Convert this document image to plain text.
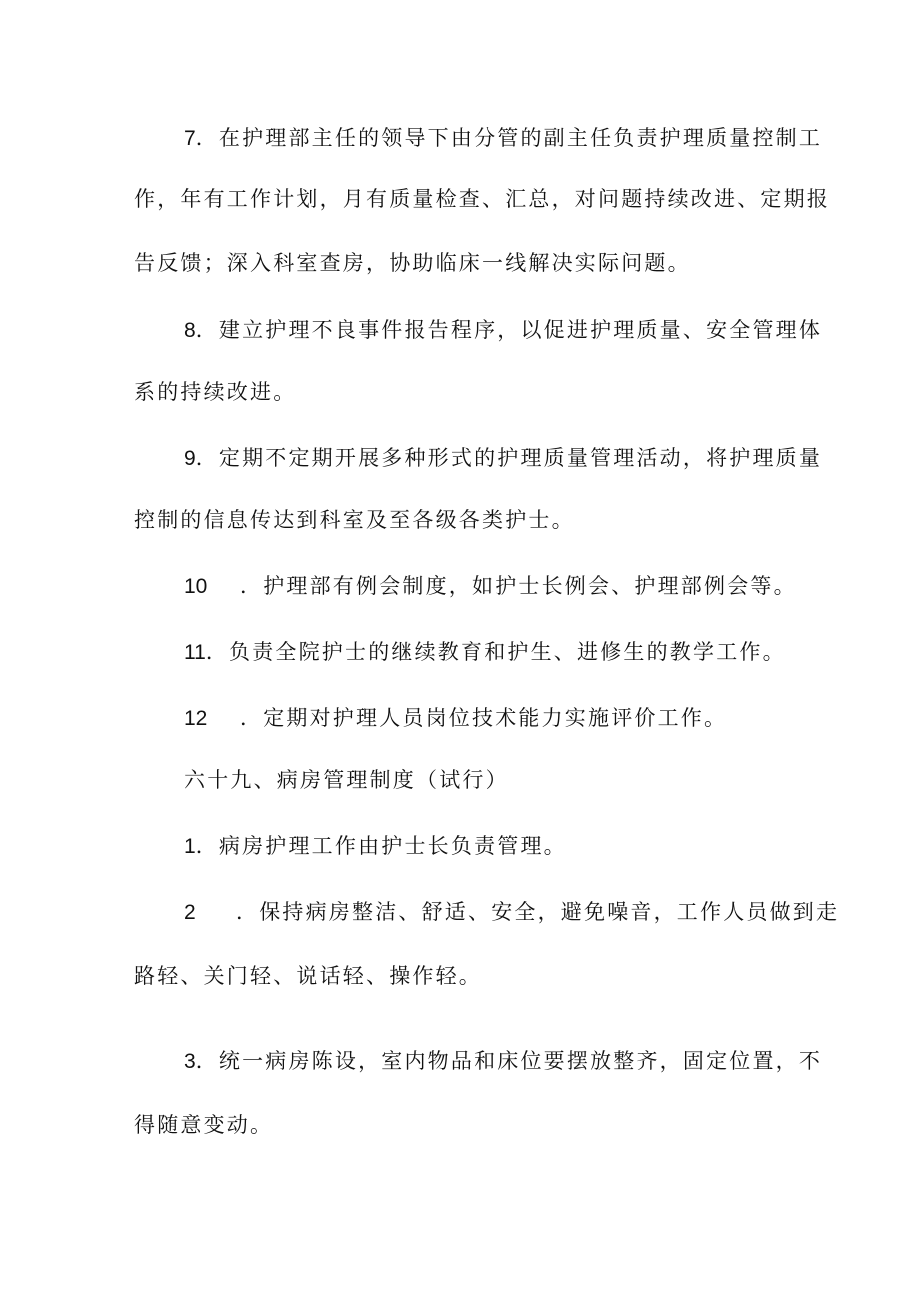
7．在护理部主任的领导下由分管的副主任负责护理质量控制工
作，年有工作计划，月有质量检查、汇总，对问题持续改进、定期报
告反馈；深入科室查房，协助临床一线解决实际问题。
8．建立护理不良事件报告程序，以促进护理质量、安全管理体
系的持续改进。
9．定期不定期开展多种形式的护理质量管理活动，将护理质量
控制的信息传达到科室及至各级各类护士。
10 ．护理部有例会制度，如护士长例会、护理部例会等。
11．负责全院护士的继续教育和护生、进修生的教学工作。
12 ．定期对护理人员岗位技术能力实施评价工作。
六十九、病房管理制度（试行）
1．病房护理工作由护士长负责管理。
2 ．保持病房整洁、舒适、安全，避免噪音，工作人员做到走
路轻、关门轻、说话轻、操作轻。
3．统一病房陈设，室内物品和床位要摆放整齐，固定位置，不
得随意变动。
